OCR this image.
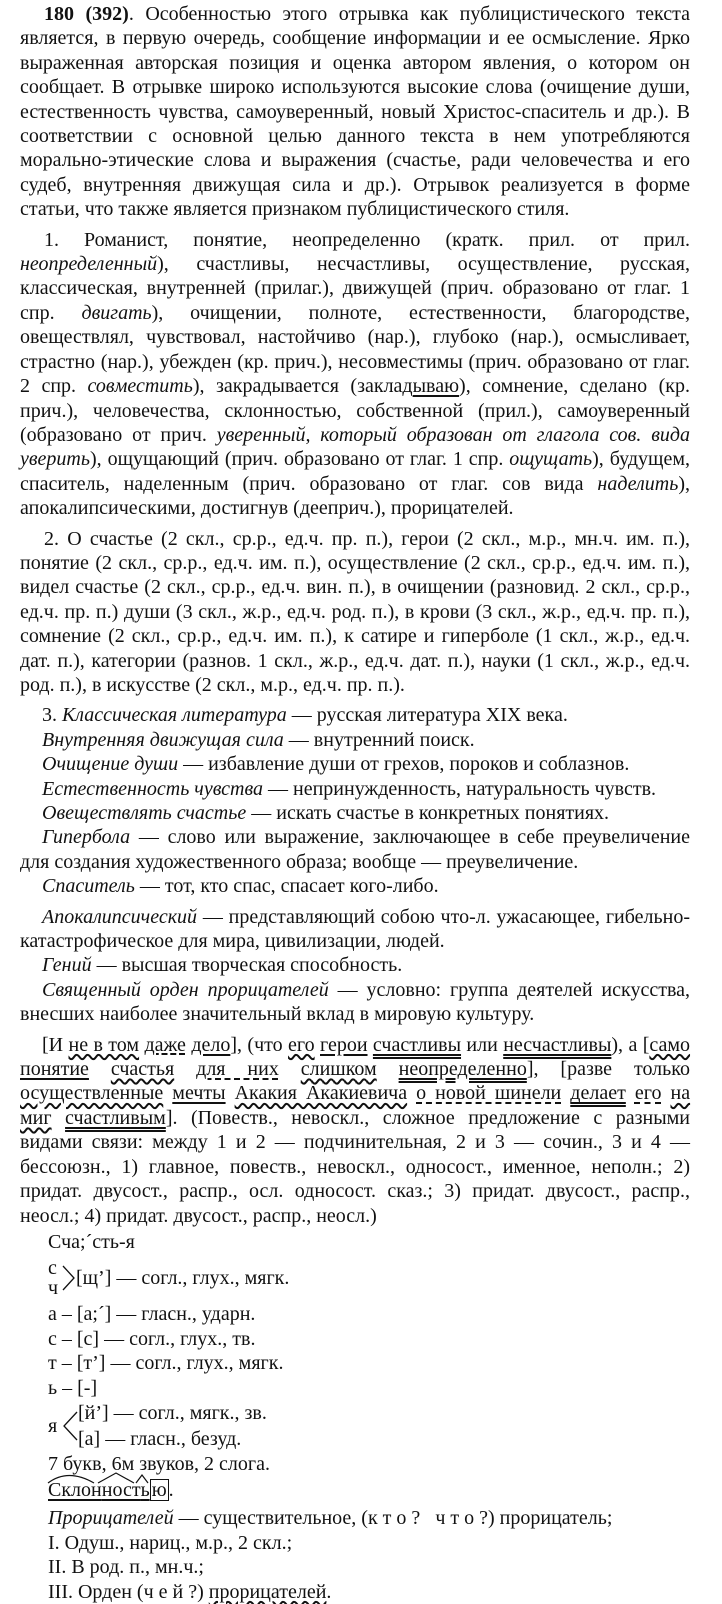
180 (392). Особенностью этого отрывка как публицистического текста является, в первую очередь, сообщение информации и ее осмысление. Ярко выраженная авторская позиция и оценка автором явления, о котором он сообщает. В отрывке широко используются высокие слова (очищение души, естественность чувства, самоуверенный, новый Христос-спаситель и др.). В соответствии с основной целью данного текста в нем употребляются морально-этические слова и выражения (счастье, ради человечества и его судеб, внутренняя движущая сила и др.). Отрывок реализуется в форме статьи, что также является признаком публицистического стиля.

1. Романист, понятие, неопределенно (кратк. прил. от прил. неопределенный), счастливы, несчастливы, осуществление, русская, классическая, внутренней (прилаг.), движущей (прич. образовано от глаг. 1 спр. двигать), очищении, полноте, естественности, благородстве, овеществлял, чувствовал, настойчиво (нар.), глубоко (нар.), осмысливает, страстно (нар.), убежден (кр. прич.), несовместимы (прич. образовано от глаг. 2 спр. совместить), закрадывается (закладываю), сомнение, сделано (кр. прич.), человечества, склонностью, собственной (прил.), самоуверенный (образовано от прич. уверенный, который образован от глагола сов. вида уверить), ощущающий (прич. образовано от глаг. 1 спр. ощущать), будущем, спаситель, наделенным (прич. образовано от глаг. сов вида наделить), апокалипсическими, достигнув (дееприч.), прорицателей.

2. О счастье (2 скл., ср.р., ед.ч. пр. п.), герои (2 скл., м.р., мн.ч. им. п.), понятие (2 скл., ср.р., ед.ч. им. п.), осуществление (2 скл., ср.р., ед.ч. им. п.), видел счастье (2 скл., ср.р., ед.ч. вин. п.), в очищении (разновид. 2 скл., ср.р., ед.ч. пр. п.) души (3 скл., ж.р., ед.ч. род. п.), в крови (3 скл., ж.р., ед.ч. пр. п.), сомнение (2 скл., ср.р., ед.ч. им. п.), к сатире и гиперболе (1 скл., ж.р., ед.ч. дат. п.), категории (разнов. 1 скл., ж.р., ед.ч. дат. п.), науки (1 скл., ж.р., ед.ч. род. п.), в искусстве (2 скл., м.р., ед.ч. пр. п.).

3. Классическая литература — русская литература XIX века.

Внутренняя движущая сила — внутренний поиск.

Очищение души — избавление души от грехов, пороков и соблазнов.

Естественность чувства — непринужденность, натуральность чувств.

Овеществлять счастье — искать счастье в конкретных понятиях.

Гипербола — слово или выражение, заключающее в себе преувеличение для создания художественного образа; вообще — преувеличение.

Спаситель — тот, кто спас, спасает кого-либо.

Апокалипсический — представляющий собою что-л. ужасающее, гибельно-катастрофическое для мира, цивилизации, людей.

Гений — высшая творческая способность.

Священный орден прорицателей — условно: группа деятелей искусства, внесших наиболее значительный вклад в мировую культуру.

[И не в том даже дело], (что его герои счастливы или несчастливы), а [само понятие счастья для них слишком неопределенно], [разве только осуществленные мечты Акакия Акакиевича о новой шинели делает его на миг счастливым]. (Повеств., невоскл., сложное предложение с разными видами связи: между 1 и 2 — подчинительная, 2 и 3 — сочин., 3 и 4 — бессоюзн., 1) главное, повеств., невоскл., односост., именное, неполн.; 2) придат. двусост., распр., осл. односост. сказ.; 3) придат. двусост., распр., неосл.; 4) придат. двусост., распр., неосл.)

Сча;´сть-я
с
ч [щ’] — согл., глух., мягк.
а – [а;´] — гласн., ударн.
с – [с] — согл., глух., тв.
т – [т’] — согл., глух., мягк.
ь – [-]
я
[й’] — согл., мягк., зв.
[а] — гласн., безуд.
7 букв, 6м звуков, 2 слога.
Склонность ю .

Прорицателей — существительное, (к т о ? ч т о ?) прорицатель;

I. Одуш., нариц., м.р., 2 скл.;

II. В род. п., мн.ч.;

III. Орден (ч е й ?) прорицателей.
